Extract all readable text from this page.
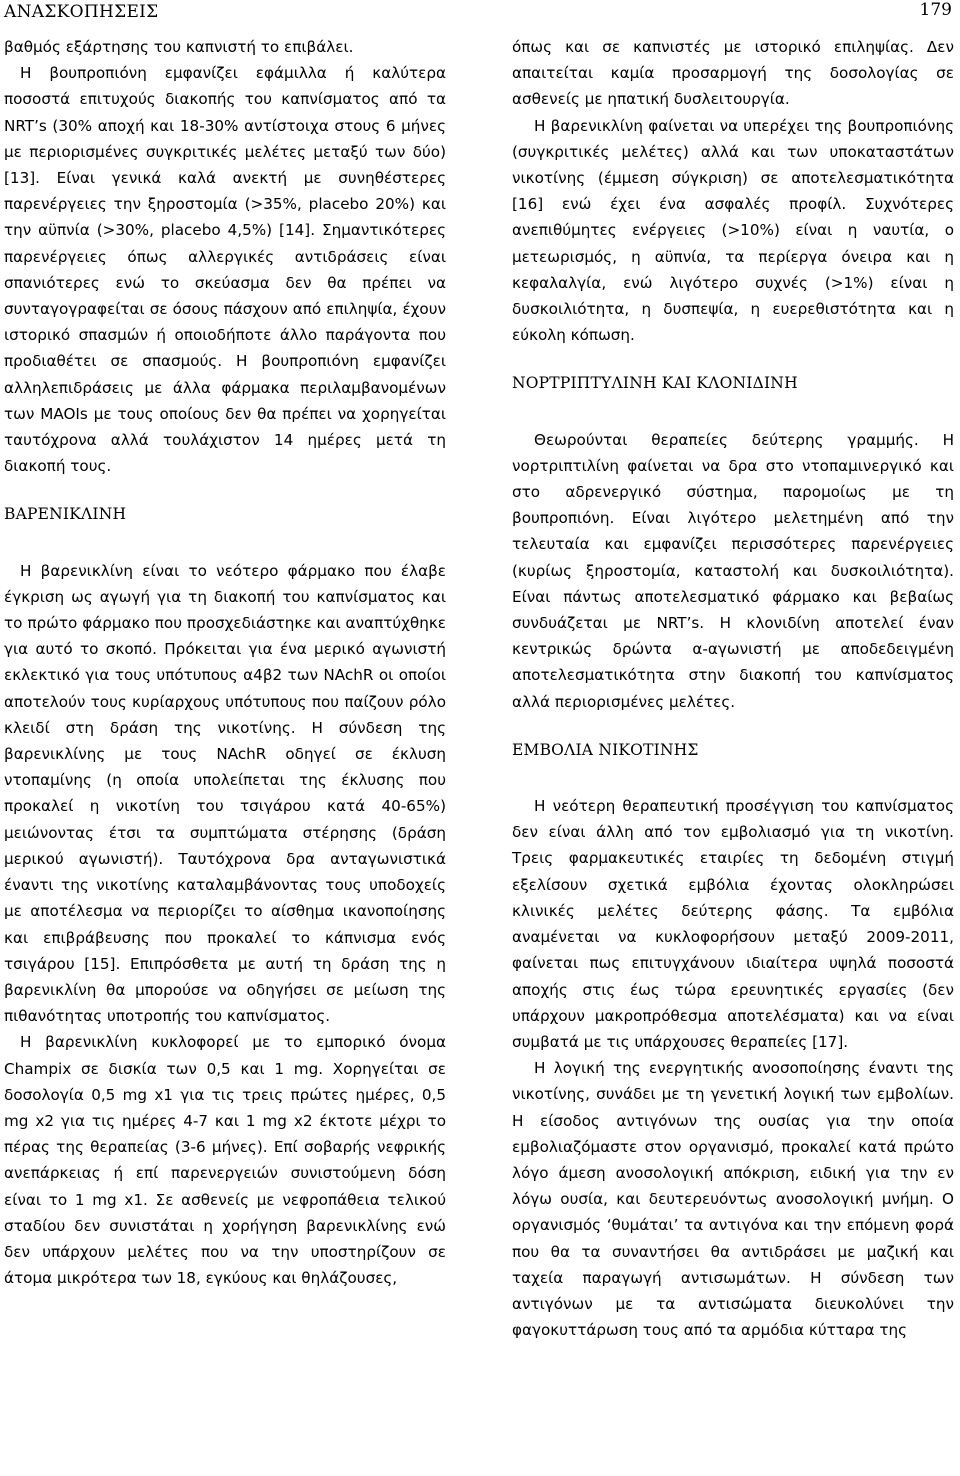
ΑΝΑΣΚΟΠΗΣΕΙΣ	179

βαθμός εξάρτησης του καπνιστή το επιβάλει.

Η βουπροπιόνη εμφανίζει εφάμιλλα ή καλύτερα ποσοστά επιτυχούς διακοπής του καπνίσματος από τα NRT’s (30% αποχή και 18-30% αντίστοιχα στους 6 μήνες με περιορισμένες συγκριτικές μελέτες μεταξύ των δύο) [13]. Είναι γενικά καλά ανεκτή με συνηθέστερες παρενέργειες την ξηροστομία (>35%, placebo 20%) και την αϋπνία (>30%, placebo 4,5%) [14]. Σημαντικότερες παρενέργειες όπως αλλεργικές αντιδράσεις είναι σπανιότερες ενώ το σκεύασμα δεν θα πρέπει να συνταγογραφείται σε όσους πάσχουν από επιληψία, έχουν ιστορικό σπασμών ή οποιοδήποτε άλλο παράγοντα που προδιαθέτει σε σπασμούς. Η βουπροπιόνη εμφανίζει αλληλεπιδράσεις με άλλα φάρμακα περιλαμβανομένων των MAOIs με τους οποίους δεν θα πρέπει να χορηγείται ταυτόχρονα αλλά τουλάχιστον 14 ημέρες μετά τη διακοπή τους.

ΒΑΡΕΝΙΚΛΙΝΗ

Η βαρενικλίνη είναι το νεότερο φάρμακο που έλαβε έγκριση ως αγωγή για τη διακοπή του καπνίσματος και το πρώτο φάρμακο που προσχεδιάστηκε και αναπτύχθηκε για αυτό το σκοπό. Πρόκειται για ένα μερικό αγωνιστή εκλεκτικό για τους υπότυπους α4β2 των NAchR οι οποίοι αποτελούν τους κυρίαρχους υπότυπους που παίζουν ρόλο κλειδί στη δράση της νικοτίνης. Η σύνδεση της βαρενικλίνης με τους NAchR οδηγεί σε έκλυση ντοπαμίνης (η οποία υπολείπεται της έκλυσης που προκαλεί η νικοτίνη του τσιγάρου κατά 40-65%) μειώνοντας έτσι τα συμπτώματα στέρησης (δράση μερικού αγωνιστή). Ταυτόχρονα δρα ανταγωνιστικά έναντι της νικοτίνης καταλαμβάνοντας τους υποδοχείς με αποτέλεσμα να περιορίζει το αίσθημα ικανοποίησης και επιβράβευσης που προκαλεί το κάπνισμα ενός τσιγάρου [15]. Επιπρόσθετα με αυτή τη δράση της η βαρενικλίνη θα μπορούσε να οδηγήσει σε μείωση της πιθανότητας υποτροπής του καπνίσματος.

Η βαρενικλίνη κυκλοφορεί με το εμπορικό όνομα Champix σε δισκία των 0,5 και 1 mg. Χορηγείται σε δοσολογία 0,5 mg x1 για τις τρεις πρώτες ημέρες, 0,5 mg x2 για τις ημέρες 4-7 και 1 mg x2 έκτοτε μέχρι το πέρας της θεραπείας (3-6 μήνες). Επί σοβαρής νεφρικής ανεπάρκειας ή επί παρενεργειών συνιστούμενη δόση είναι το 1 mg x1. Σε ασθενείς με νεφροπάθεια τελικού σταδίου δεν συνιστάται η χορήγηση βαρενικλίνης ενώ δεν υπάρχουν μελέτες που να την υποστηρίζουν σε άτομα μικρότερα των 18, εγκύους και θηλάζουσες,

όπως και σε καπνιστές με ιστορικό επιληψίας. Δεν απαιτείται καμία προσαρμογή της δοσολογίας σε ασθενείς με ηπατική δυσλειτουργία.

Η βαρενικλίνη φαίνεται να υπερέχει της βουπροπιόνης (συγκριτικές μελέτες) αλλά και των υποκαταστάτων νικοτίνης (έμμεση σύγκριση) σε αποτελεσματικότητα [16] ενώ έχει ένα ασφαλές προφίλ. Συχνότερες ανεπιθύμητες ενέργειες (>10%) είναι η ναυτία, ο μετεωρισμός, η αϋπνία, τα περίεργα όνειρα και η κεφαλαλγία, ενώ λιγότερο συχνές (>1%) είναι η δυσκοιλιότητα, η δυσπεψία, η ευερεθιστότητα και η εύκολη κόπωση.

ΝΟΡΤΡΙΠΤΥΛΙΝΗ ΚΑΙ ΚΛΟΝΙΔΙΝΗ

Θεωρούνται θεραπείες δεύτερης γραμμής. Η νορτριπτιλίνη φαίνεται να δρα στο ντοπαμινεργικό και στο αδρενεργικό σύστημα, παρομοίως με τη βουπροπιόνη. Είναι λιγότερο μελετημένη από την τελευταία και εμφανίζει περισσότερες παρενέργειες (κυρίως ξηροστομία, καταστολή και δυσκοιλιότητα). Είναι πάντως αποτελεσματικό φάρμακο και βεβαίως συνδυάζεται με NRT’s. Η κλονιδίνη αποτελεί έναν κεντρικώς δρώντα α-αγωνιστή με αποδεδειγμένη αποτελεσματικότητα στην διακοπή του καπνίσματος αλλά περιορισμένες μελέτες.

ΕΜΒΟΛΙΑ ΝΙΚΟΤΙΝΗΣ

Η νεότερη θεραπευτική προσέγγιση του καπνίσματος δεν είναι άλλη από τον εμβολιασμό για τη νικοτίνη. Τρεις φαρμακευτικές εταιρίες τη δεδομένη στιγμή εξελίσουν σχετικά εμβόλια έχοντας ολοκληρώσει κλινικές μελέτες δεύτερης φάσης. Τα εμβόλια αναμένεται να κυκλοφορήσουν μεταξύ 2009-2011, φαίνεται πως επιτυγχάνουν ιδιαίτερα υψηλά ποσοστά αποχής στις έως τώρα ερευνητικές εργασίες (δεν υπάρχουν μακροπρόθεσμα αποτελέσματα) και να είναι συμβατά με τις υπάρχουσες θεραπείες [17].

Η λογική της ενεργητικής ανοσοποίησης έναντι της νικοτίνης, συνάδει με τη γενετική λογική των εμβολίων. Η είσοδος αντιγόνων της ουσίας για την οποία εμβολιαζόμαστε στον οργανισμό, προκαλεί κατά πρώτο λόγο άμεση ανοσολογική απόκριση, ειδική για την εν λόγω ουσία, και δευτερευόντως ανοσολογική μνήμη. Ο οργανισμός ‘θυμάται’ τα αντιγόνα και την επόμενη φορά που θα τα συναντήσει θα αντιδράσει με μαζική και ταχεία παραγωγή αντισωμάτων. Η σύνδεση των αντιγόνων με τα αντισώματα διευκολύνει την φαγοκυττάρωση τους από τα αρμόδια κύτταρα της
